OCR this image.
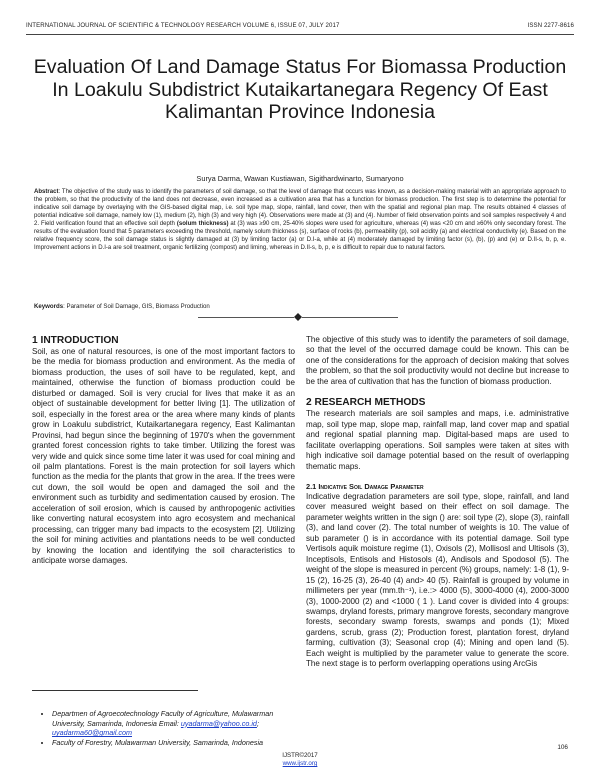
INTERNATIONAL JOURNAL OF SCIENTIFIC & TECHNOLOGY RESEARCH VOLUME 6, ISSUE 07, JULY 2017	ISSN 2277-8616
Evaluation Of Land Damage Status For Biomassa Production In Loakulu Subdistrict Kutaikartanegara Regency Of East Kalimantan Province Indonesia
Surya Darma, Wawan Kustiawan, Sigithardwinarto, Sumaryono
Abstract: The objective of the study was to identify the parameters of soil damage, so that the level of damage that occurs was known, as a decision-making material with an appropriate approach to the problem, so that the productivity of the land does not decrease, even increased as a cultivation area that has a function for biomass production. The first step is to determine the potential for indicative soil damage by overlaying with the GIS-based digital map, i.e. soil type map, slope, rainfall, land cover, then with the spatial and regional plan map. The results obtained 4 classes of potential indicative soil damage, namely low (1), medium (2), high (3) and very high (4). Observations were made at (3) and (4). Number of field observation points and soil samples respectively 4 and 2. Field verification found that an effective soil depth (solum thickness) at (3) was ≥90 cm, 25-40% slopes were used for agriculture, whereas (4) was <20 cm and ≥60% only secondary forest. The results of the evaluation found that 5 parameters exceeding the threshold, namely solum thickness (s), surface of rocks (b), permeability (p), soil acidity (a) and electrical conductivity (e). Based on the relative frequency score, the soil damage status is slightly damaged at (3) by limiting factor (a) or D.I-a, while at (4) moderately damaged by limiting factor (s), (b), (p) and (e) or D.II-s, b, p, e. Improvement actions in D.I-a are soil treatment, organic fertilizing (compost) and liming, whereas in D.II-s, b, p, e is difficult to repair due to natural factors.
Keywords: Parameter of Soil Damage, GIS, Biomass Production

1 INTRODUCTION

Soil, as one of natural resources, is one of the most important factors to be the media for biomass production and environment. As the media of biomass production, the uses of soil have to be regulated, kept, and maintained, otherwise the function of biomass production could be disturbed or damaged. Soil is very crucial for lives that make it as an object of sustainable development for better living [1]. The utilization of soil, especially in the forest area or the area where many kinds of plants grow in Loakulu subdistrict, Kutaikartanegara regency, East Kalimantan Provinsi, had begun since the beginning of 1970's when the government granted forest concession rights to take timber. Utilizing the forest was very wide and quick since some time later it was used for coal mining and oil palm plantations. Forest is the main protection for soil layers which function as the media for the plants that grow in the area. If the trees were cut down, the soil would be open and damaged the soil and the environment such as turbidity and sedimentation caused by erosion. The acceleration of soil erosion, which is caused by anthropogenic activities like converting natural ecosystem into agro ecosystem and mechanical processing, can trigger many bad impacts to the ecosystem [2]. Utilizing the soil for mining activities and plantations needs to be well conducted by knowing the location and identifying the soil characteristics to anticipate worse damages.

The objective of this study was to identify the parameters of soil damage, so that the level of the occurred damage could be known. This can be one of the considerations for the approach of decision making that solves the problem, so that the soil productivity would not decline but increase to be the area of cultivation that has the function of biomass production.

2 RESEARCH METHODS

The research materials are soil samples and maps, i.e. administrative map, soil type map, slope map, rainfall map, land cover map and spatial and regional spatial planning map. Digital-based maps are used to facilitate overlapping operations. Soil samples were taken at sites with high indicative soil damage potential based on the result of overlapping thematic maps.

2.1 Indicative Soil Damage Parameter

Indicative degradation parameters are soil type, slope, rainfall, and land cover measured weight based on their effect on soil damage. The parameter weights written in the sign () are: soil type (2), slope (3), rainfall (3), and land cover (2). The total number of weights is 10. The value of sub parameter () is in accordance with its potential damage. Soil type Vertisols aquik moisture regime (1), Oxisols (2), Mollisosl and Ultisols (3), Inceptisols, Entisols and Histosols (4), Andisols and Spodosol (5). The weight of the slope is measured in percent (%) groups, namely: 1-8 (1), 9-15 (2), 16-25 (3), 26-40 (4) and> 40 (5). Rainfall is grouped by volume in millimeters per year (mm.th⁻¹), i.e.:> 4000 (5), 3000-4000 (4), 2000-3000 (3), 1000-2000 (2) and <1000 ( 1 ). Land cover is divided into 4 groups: swamps, dryland forests, primary mangrove forests, secondary mangrove forests, secondary swamp forests, swamps and ponds (1); Mixed gardens, scrub, grass (2); Production forest, plantation forest, dryland farming, cultivation (3); Seasonal crop (4); Mining and open land (5). Each weight is multiplied by the parameter value to generate the score. The next stage is to perform overlapping operations using ArcGis

• Departmen of Agroecotechnology Faculty of Agriculture, Mulawarman University, Samarinda, Indonesia Email: uyadarma@yahoo.co.id; uyadarma60@gmail.com
• Faculty of Forestry, Mulawarman University, Samarinda, Indonesia
106
IJSTR©2017
www.ijstr.org
